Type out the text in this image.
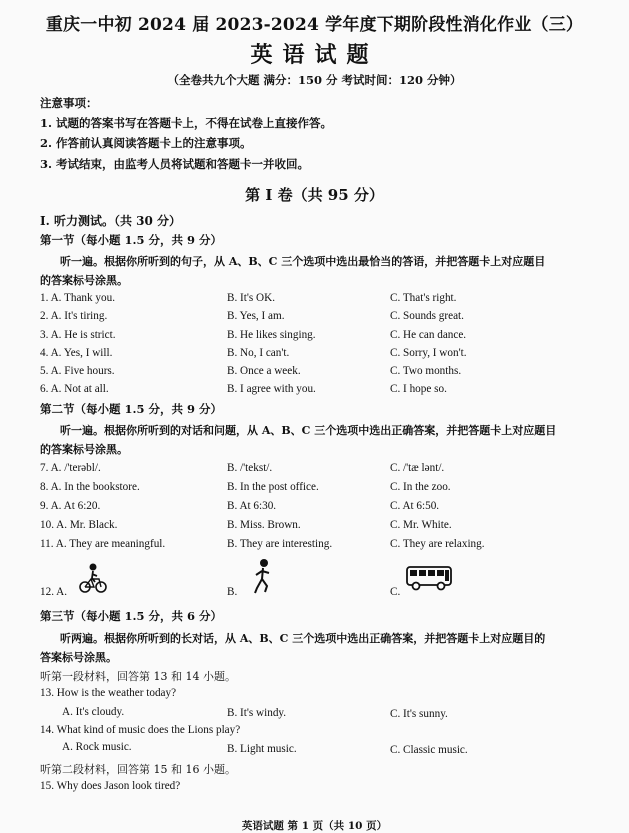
重庆一中初 2024 届 2023-2024 学年度下期阶段性消化作业（三）
英语试题
（全卷共九个大题 满分：150 分 考试时间：120 分钟）
注意事项：
1. 试题的答案书写在答题卡上，不得在试卷上直接作答。
2. 作答前认真阅读答题卡上的注意事项。
3. 考试结束，由监考人员将试题和答题卡一并收回。
第 I 卷（共 95 分）
Ⅰ. 听力测试。（共 30 分）
第一节（每小题 1.5 分，共 9 分）
听一遍。根据你所听到的句子，从 A、B、C 三个选项中选出最恰当的答语，并把答题卡上对应题目
的答案标号涂黑。
1. A. Thank you.	B. It's OK.	C. That's right.
2. A. It's tiring.	B. Yes, I am.	C. Sounds great.
3. A. He is strict.	B. He likes singing.	C. He can dance.
4. A. Yes, I will.	B. No, I can't.	C. Sorry, I won't.
5. A. Five hours.	B. Once a week.	C. Two months.
6. A. Not at all.	B. I agree with you.	C. I hope so.
第二节（每小题 1.5 分，共 9 分）
听一遍。根据你所听到的对话和问题，从 A、B、C 三个选项中选出正确答案，并把答题卡上对应题目
的答案标号涂黑。
7. A. /'terəbl/.	B. /'tekst/.	C. /'tæ lənt/.
8. A. In the bookstore.	B. In the post office.	C. In the zoo.
9. A. At 6:20.	B. At 6:30.	C. At 6:50.
10. A. Mr. Black.	B. Miss. Brown.	C. Mr. White.
11. A. They are meaningful.	B. They are interesting.	C. They are relaxing.
12. A.	B.	C.
第三节（每小题 1.5 分，共 6 分）
听两遍。根据你所听到的长对话，从 A、B、C 三个选项中选出正确答案，并把答题卡上对应题目的
答案标号涂黑。
听第一段材料，回答第 13 和 14 小题。
13. How is the weather today?
A. It's cloudy.	B. It's windy.	C. It's sunny.
14. What kind of music does the Lions play?
A. Rock music.	B. Light music.	C. Classic music.
听第二段材料，回答第 15 和 16 小题。
15. Why does Jason look tired?
英语试题 第 1 页（共 10 页）
